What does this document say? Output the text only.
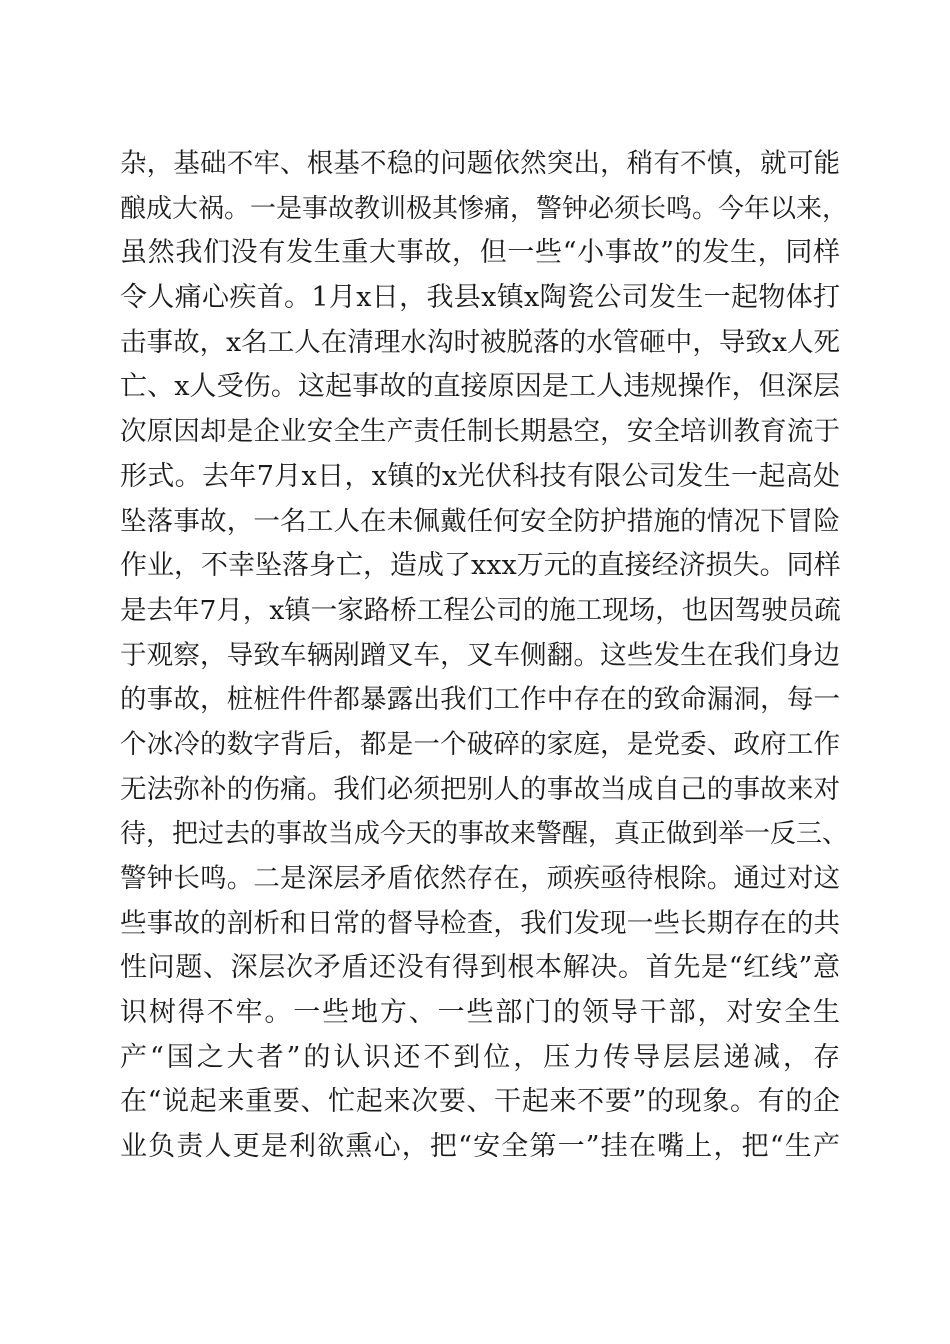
杂，基础不牢、根基不稳的问题依然突出，稍有不慎，就可能
酿成大祸。一是事故教训极其惨痛，警钟必须长鸣。今年以来，
虽然我们没有发生重大事故，但一些“小事故”的发生，同样
令人痛心疾首。1月x日，我县x镇x陶瓷公司发生一起物体打
击事故，x名工人在清理水沟时被脱落的水管砸中，导致x人死
亡、x人受伤。这起事故的直接原因是工人违规操作，但深层
次原因却是企业安全生产责任制长期悬空，安全培训教育流于
形式。去年7月x日，x镇的x光伏科技有限公司发生一起高处
坠落事故，一名工人在未佩戴任何安全防护措施的情况下冒险
作业，不幸坠落身亡，造成了xxx万元的直接经济损失。同样
是去年7月，x镇一家路桥工程公司的施工现场，也因驾驶员疏
于观察，导致车辆剐蹭叉车，叉车侧翻。这些发生在我们身边
的事故，桩桩件件都暴露出我们工作中存在的致命漏洞，每一
个冰冷的数字背后，都是一个破碎的家庭，是党委、政府工作
无法弥补的伤痛。我们必须把别人的事故当成自己的事故来对
待，把过去的事故当成今天的事故来警醒，真正做到举一反三、
警钟长鸣。二是深层矛盾依然存在，顽疾亟待根除。通过对这
些事故的剖析和日常的督导检查，我们发现一些长期存在的共
性问题、深层次矛盾还没有得到根本解决。首先是“红线”意
识树得不牢。一些地方、一些部门的领导干部，对安全生
产“国之大者”的认识还不到位，压力传导层层递减，存
在“说起来重要、忙起来次要、干起来不要”的现象。有的企
业负责人更是利欲熏心，把“安全第一”挂在嘴上，把“生产
